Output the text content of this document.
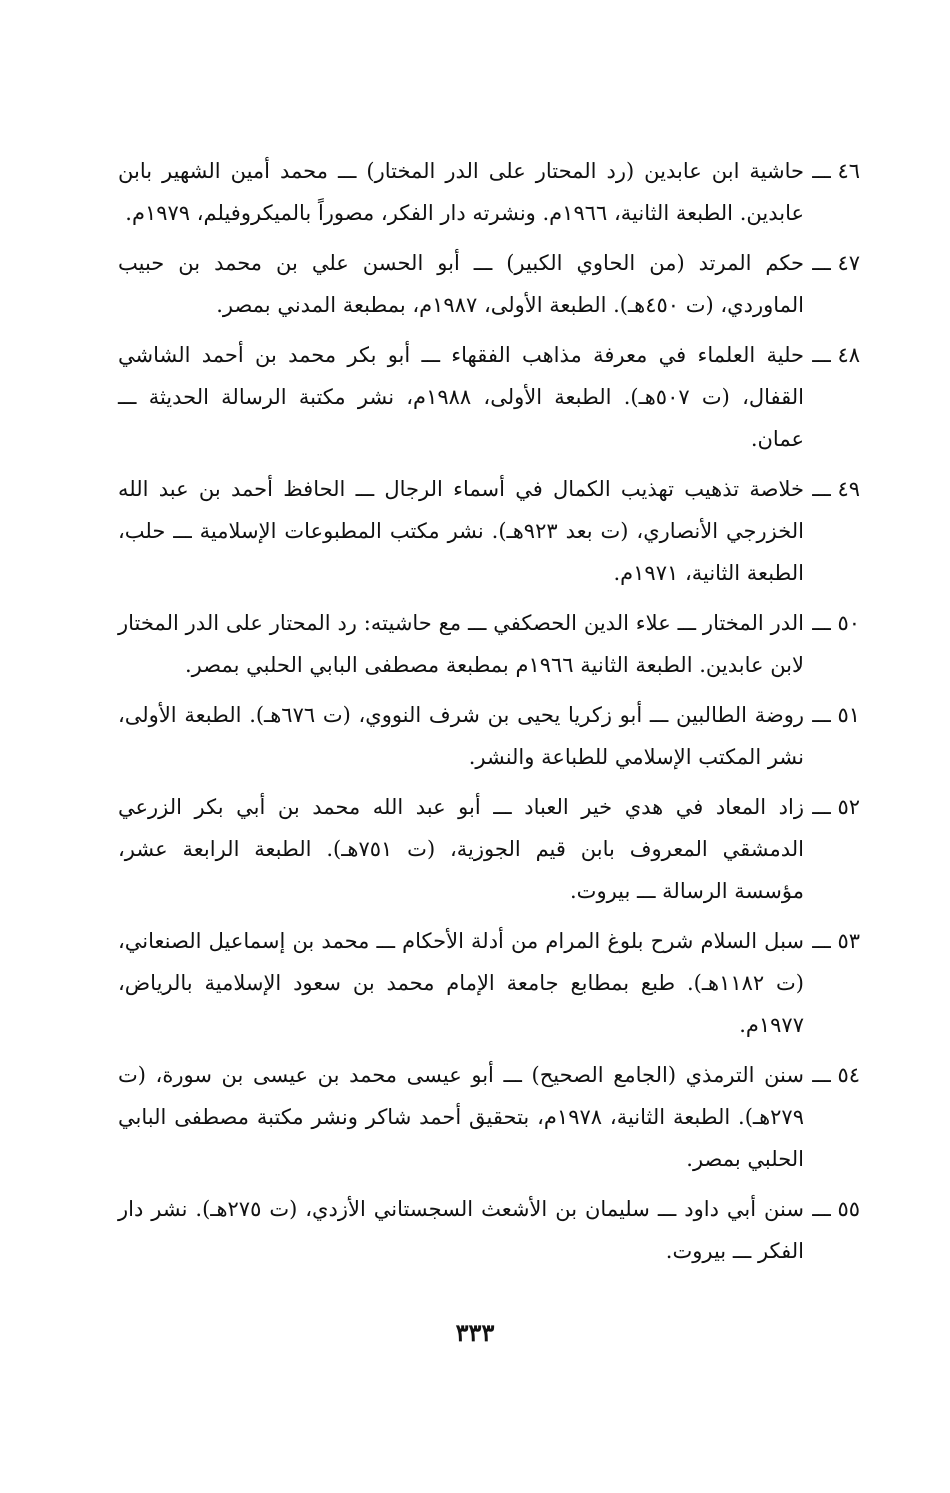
٤٦ ـــ
حاشية ابن عابدين (رد المحتار على الدر المختار) ـــ محمد أمين الشهير بابن عابدين. الطبعة الثانية، ١٩٦٦م. ونشرته دار الفكر، مصوراً بالميكروفيلم، ١٩٧٩م.
٤٧ ـــ
حكم المرتد (من الحاوي الكبير) ـــ أبو الحسن علي بن محمد بن حبيب الماوردي، (ت ٤٥٠هـ). الطبعة الأولى، ١٩٨٧م، بمطبعة المدني بمصر.
٤٨ ـــ
حلية العلماء في معرفة مذاهب الفقهاء ـــ أبو بكر محمد بن أحمد الشاشي القفال، (ت ٥٠٧هـ). الطبعة الأولى، ١٩٨٨م، نشر مكتبة الرسالة الحديثة ـــ عمان.
٤٩ ـــ
خلاصة تذهيب تهذيب الكمال في أسماء الرجال ـــ الحافظ أحمد بن عبد الله الخزرجي الأنصاري، (ت بعد ٩٢٣هـ). نشر مكتب المطبوعات الإسلامية ـــ حلب، الطبعة الثانية، ١٩٧١م.
٥٠ ـــ
الدر المختار ـــ علاء الدين الحصكفي ـــ مع حاشيته: رد المحتار على الدر المختار لابن عابدين. الطبعة الثانية ١٩٦٦م بمطبعة مصطفى البابي الحلبي بمصر.
٥١ ـــ
روضة الطالبين ـــ أبو زكريا يحيى بن شرف النووي، (ت ٦٧٦هـ). الطبعة الأولى، نشر المكتب الإسلامي للطباعة والنشر.
٥٢ ـــ
زاد المعاد في هدي خير العباد ـــ أبو عبد الله محمد بن أبي بكر الزرعي الدمشقي المعروف بابن قيم الجوزية، (ت ٧٥١هـ). الطبعة الرابعة عشر، مؤسسة الرسالة ـــ بيروت.
٥٣ ـــ
سبل السلام شرح بلوغ المرام من أدلة الأحكام ـــ محمد بن إسماعيل الصنعاني، (ت ١١٨٢هـ). طبع بمطابع جامعة الإمام محمد بن سعود الإسلامية بالرياض، ١٩٧٧م.
٥٤ ـــ
سنن الترمذي (الجامع الصحيح) ـــ أبو عيسى محمد بن عيسى بن سورة، (ت ٢٧٩هـ). الطبعة الثانية، ١٩٧٨م، بتحقيق أحمد شاكر ونشر مكتبة مصطفى البابي الحلبي بمصر.
٥٥ ـــ
سنن أبي داود ـــ سليمان بن الأشعث السجستاني الأزدي، (ت ٢٧٥هـ). نشر دار الفكر ـــ بيروت.
٣٣٣
